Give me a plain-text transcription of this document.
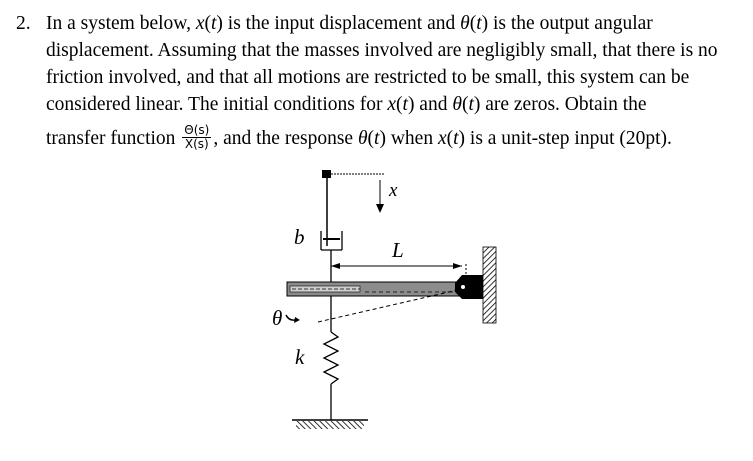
2. In a system below, x(t) is the input displacement and θ(t) is the output angular
displacement. Assuming that the masses involved are negligibly small, that there is no
friction involved, and that all motions are restricted to be small, this system can be
considered linear. The initial conditions for x(t) and θ(t) are zeros. Obtain the
transfer function $\frac{\Theta(s)}{X(s)}$ , and the response θ(t) when x(t) is a unit-step input (20pt).
x
b
L
θ
k
